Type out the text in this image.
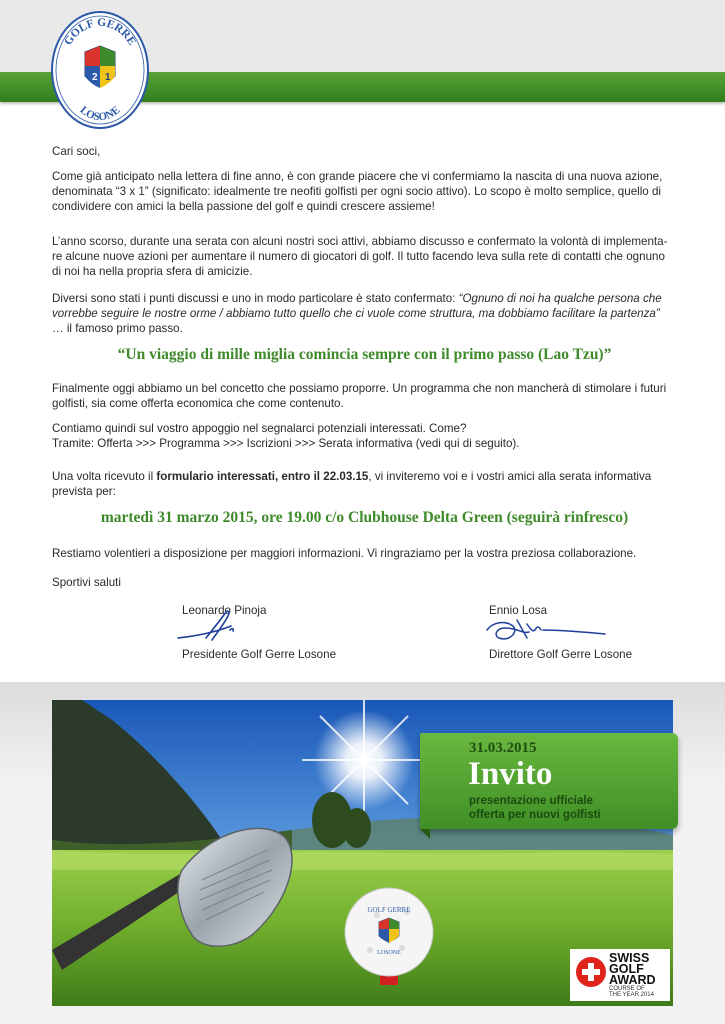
GOLF GERRE
LOSONE
2 1

Cari soci,

Come già anticipato nella lettera di fine anno, è con grande piacere che vi confermiamo la nascita di una nuova azione,
denominata “3 x 1” (significato: idealmente tre neofiti golfisti per ogni socio attivo). Lo scopo è molto semplice, quello di
condividere con amici la bella passione del golf e quindi crescere assieme!

L’anno scorso, durante una serata con alcuni nostri soci attivi, abbiamo discusso e confermato la volontà di implementa-
re alcune nuove azioni per aumentare il numero di giocatori di golf. Il tutto facendo leva sulla rete di contatti che ognuno
di noi ha nella propria sfera di amicizie.

Diversi sono stati i punti discussi e uno in modo particolare è stato confermato: “Ognuno di noi ha qualche persona che
vorrebbe seguire le nostre orme / abbiamo tutto quello che ci vuole come struttura, ma dobbiamo facilitare la partenza”
… il famoso primo passo.

“Un viaggio di mille miglia comincia sempre con il primo passo (Lao Tzu)”

Finalmente oggi abbiamo un bel concetto che possiamo proporre. Un programma che non mancherà di stimolare i futuri
golfisti, sia come offerta economica che come contenuto.

Contiamo quindi sul vostro appoggio nel segnalarci potenziali interessati. Come?
Tramite: Offerta >>> Programma >>> Iscrizioni >>> Serata informativa (vedi qui di seguito).

Una volta ricevuto il formulario interessati, entro il 22.03.15, vi inviteremo voi e i vostri amici alla serata informativa
prevista per:

martedì 31 marzo 2015, ore 19.00 c/o Clubhouse Delta Green (seguirà rinfresco)

Restiamo volentieri a disposizione per maggiori informazioni. Vi ringraziamo per la vostra preziosa collaborazione.

Sportivi saluti

Leonardo Pinoja
Presidente Golf Gerre Losone
Ennio Losa
Direttore Golf Gerre Losone
GOLF GERRE
LOSONE
31.03.2015
Invito
presentazione ufficiale
offerta per nuovi golfisti
SWISS
GOLF
AWARD
COURSE OF
THE YEAR 2014
